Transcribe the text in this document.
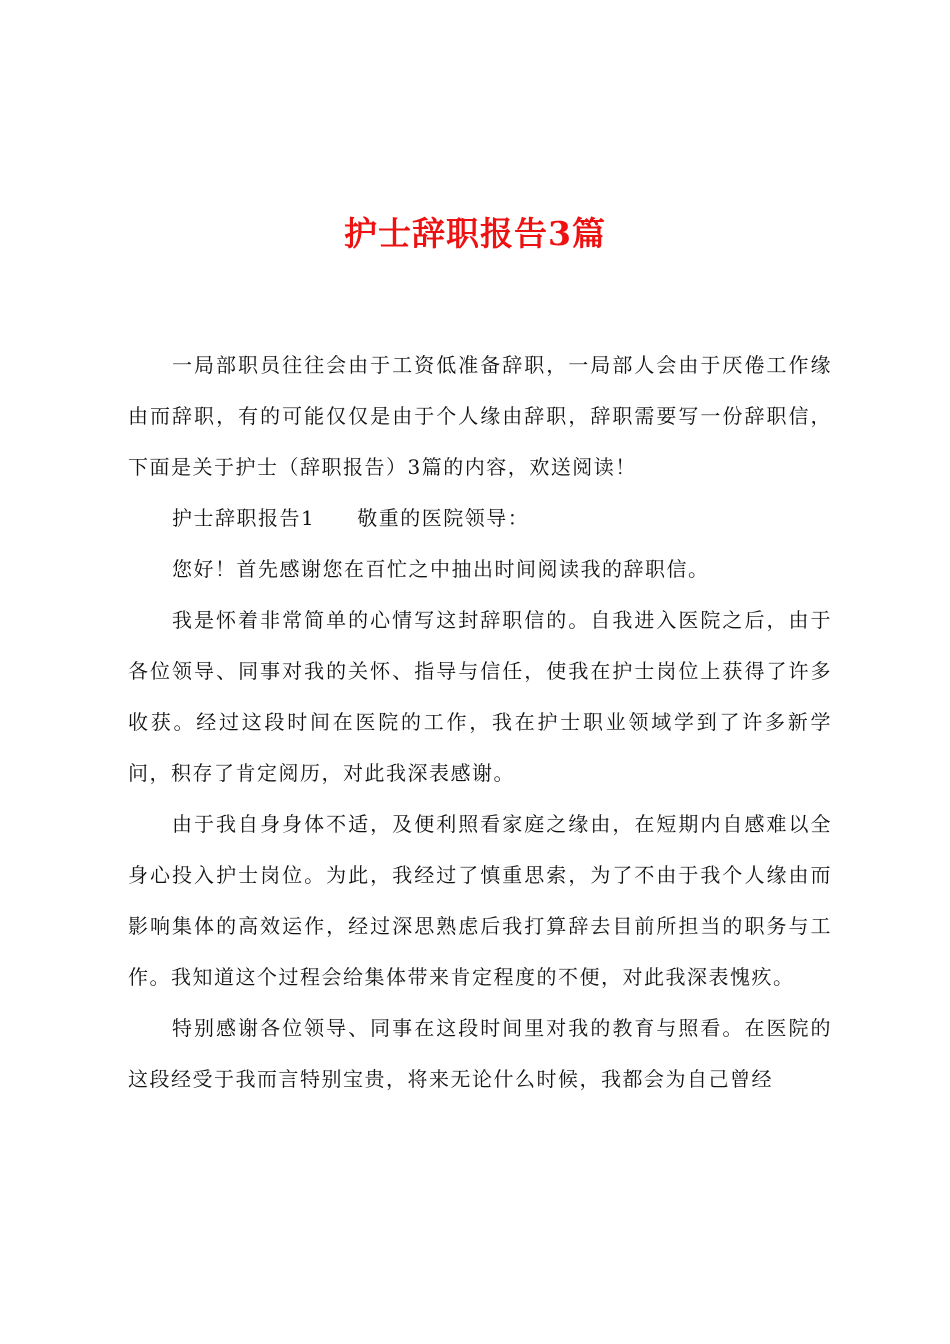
护士辞职报告3篇

一局部职员往往会由于工资低准备辞职，一局部人会由于厌倦工作缘由而辞职，有的可能仅仅是由于个人缘由辞职，辞职需要写一份辞职信，下面是关于护士（辞职报告）3篇的内容，欢送阅读！

护士辞职报告1 敬重的医院领导：

您好！首先感谢您在百忙之中抽出时间阅读我的辞职信。

我是怀着非常简单的心情写这封辞职信的。自我进入医院之后，由于各位领导、同事对我的关怀、指导与信任，使我在护士岗位上获得了许多收获。经过这段时间在医院的工作，我在护士职业领域学到了许多新学问，积存了肯定阅历，对此我深表感谢。

由于我自身身体不适，及便利照看家庭之缘由，在短期内自感难以全身心投入护士岗位。为此，我经过了慎重思索，为了不由于我个人缘由而影响集体的高效运作，经过深思熟虑后我打算辞去目前所担当的职务与工作。我知道这个过程会给集体带来肯定程度的不便，对此我深表愧疚。

特别感谢各位领导、同事在这段时间里对我的教育与照看。在医院的这段经受于我而言特别宝贵，将来无论什么时候，我都会为自己曾经
